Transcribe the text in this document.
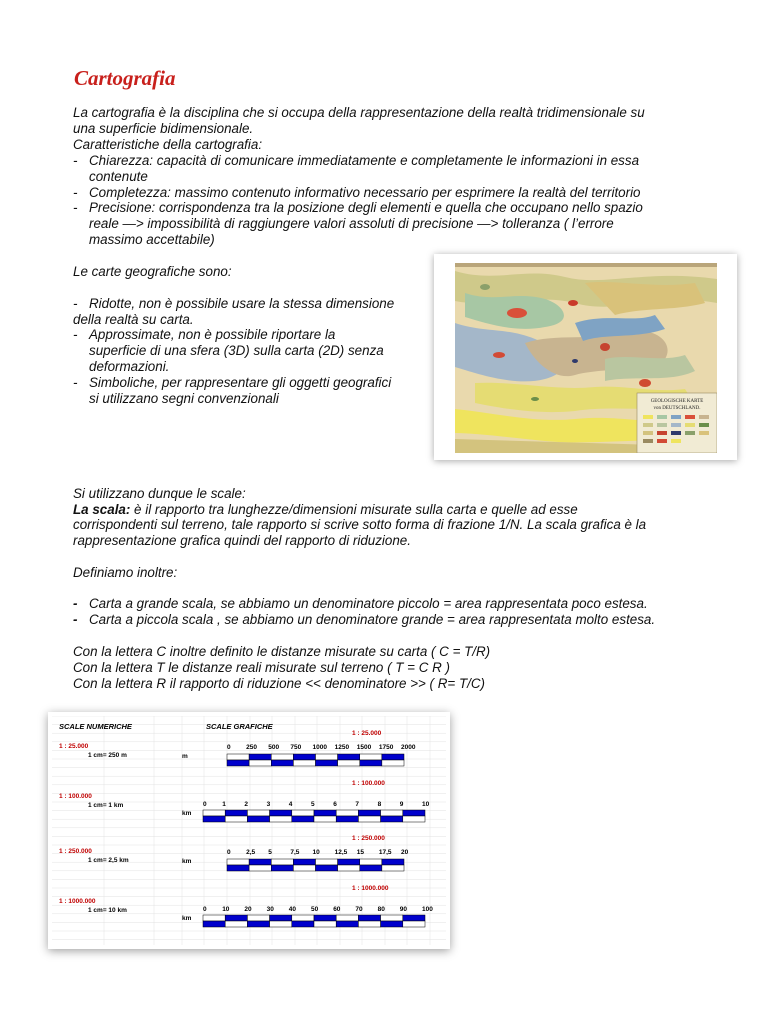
Cartografia

La cartografia è la disciplina che si occupa della rappresentazione della realtà tridimensionale su

una superficie bidimensionale.

Caratteristiche della cartografia:

- Chiarezza: capacità di comunicare immediatamente e completamente le informazioni in essa
contenute
- Completezza: massimo contenuto informativo necessario per esprimere la realtà del territorio
- Precisione: corrispondenza tra la posizione degli elementi e quella che occupano nello spazio
reale —> impossibilità di raggiungere valori assoluti di precisione —> tolleranza ( l’errore
massimo accettabile)

Le carte geografiche sono:

- Ridotte, non è possibile usare la stessa dimensione
della realtà su carta.
- Approssimate, non è possibile riportare la
superficie di una sfera (3D) sulla carta (2D) senza
deformazioni.
- Simboliche, per rappresentare gli oggetti geografici
si utilizzano segni convenzionali	GEOLOGISCHE KARTE
von DEUTSCHLAND.

Si utilizzano dunque le scale:

La scala: è il rapporto tra lunghezze/dimensioni misurate sulla carta e quelle ad esse

corrispondenti sul terreno, tale rapporto si scrive sotto forma di frazione 1/N. La scala grafica è la

rappresentazione grafica quindi del rapporto di riduzione.

Definiamo inoltre:

- Carta a grande scala, se abbiamo un denominatore piccolo = area rappresentata poco estesa.
- Carta a piccola scala , se abbiamo un denominatore grande = area rappresentata molto estesa.

Con la lettera C inoltre definito le distanze misurate su carta ( C = T/R)

Con la lettera T le distanze reali misurate sul terreno ( T = C R )

Con la lettera R il rapporto di riduzione << denominatore >> ( R= T/C)

SCALE NUMERICHE	SCALE GRAFICHE
1 : 25.000
1 : 25.000
1 cm= 250 m	m
0 250 500 750 1000 1250 1500 1750 2000
1 : 100.000
1 : 100.000
1 cm= 1 km
km
0 1	2	3	4	5	6	7	8	9	10
1 : 250.000
1 : 250.000
1 cm= 2,5 km	km
0 2,5 5	7,5 10 12,5 15 17,5 20
1 : 1000.000
1 : 1000.000
1 cm= 10 km
km
0 10 20 30 40 50 60 70 80 90 100
